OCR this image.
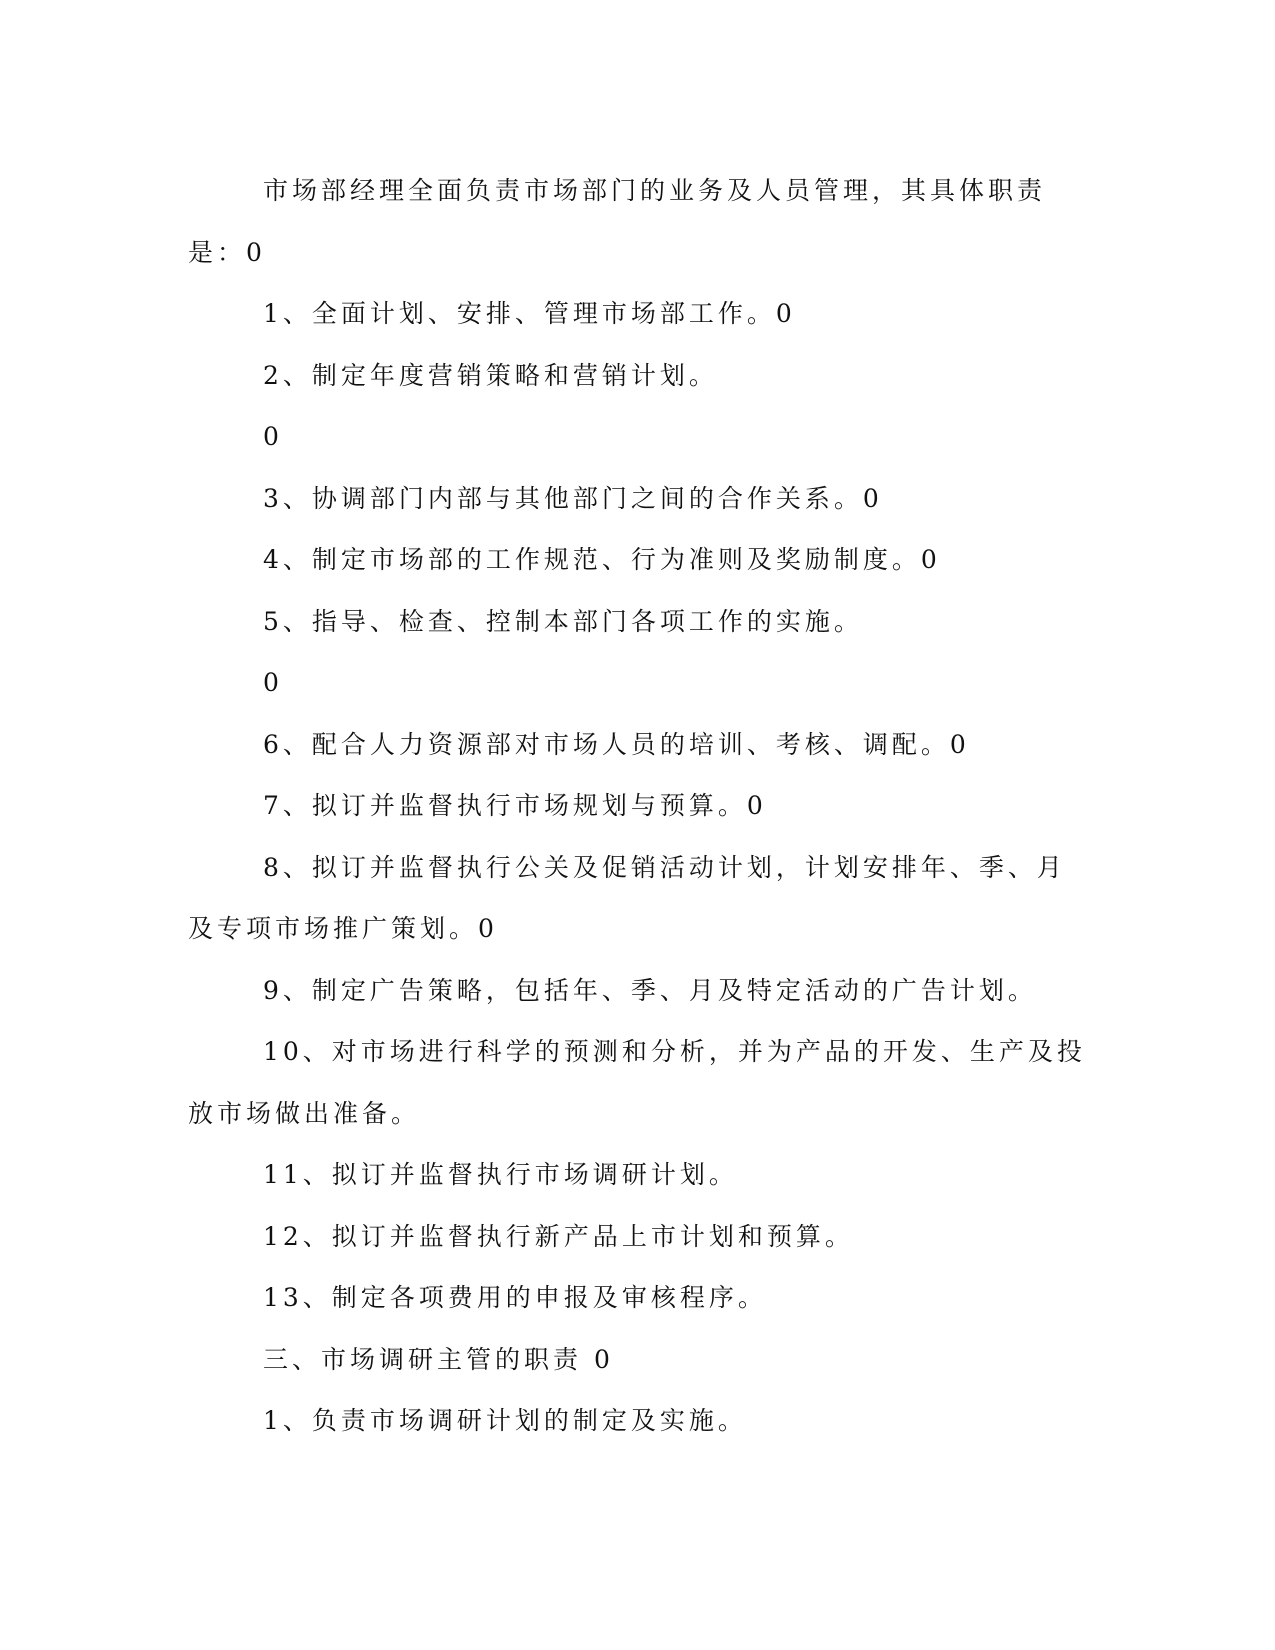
市场部经理全面负责市场部门的业务及人员管理，其具体职责是：0

1、全面计划、安排、管理市场部工作。0

2、制定年度营销策略和营销计划。

0

3、协调部门内部与其他部门之间的合作关系。0

4、制定市场部的工作规范、行为准则及奖励制度。0

5、指导、检查、控制本部门各项工作的实施。

0

6、配合人力资源部对市场人员的培训、考核、调配。0

7、拟订并监督执行市场规划与预算。0

8、拟订并监督执行公关及促销活动计划，计划安排年、季、月及专项市场推广策划。0

9、制定广告策略，包括年、季、月及特定活动的广告计划。

10、对市场进行科学的预测和分析，并为产品的开发、生产及投放市场做出准备。

11、拟订并监督执行市场调研计划。

12、拟订并监督执行新产品上市计划和预算。

13、制定各项费用的申报及审核程序。

三、市场调研主管的职责 0

1、负责市场调研计划的制定及实施。
